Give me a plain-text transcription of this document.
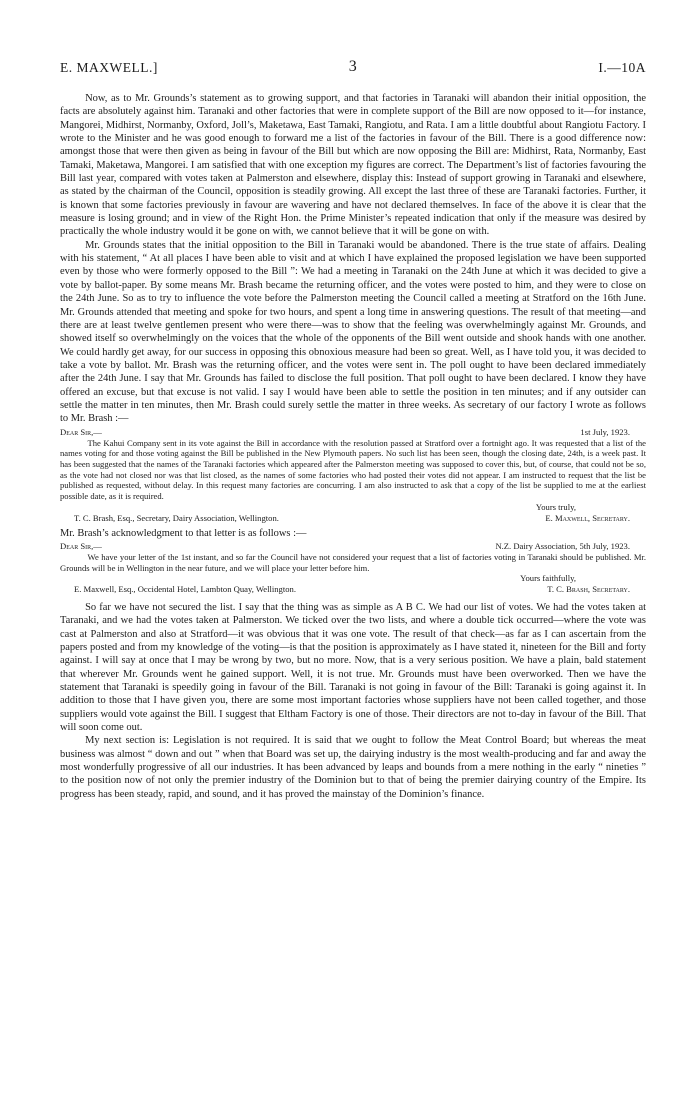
E. MAXWELL.]	3	I.—10A

Now, as to Mr. Grounds’s statement as to growing support, and that factories in Taranaki will abandon their initial opposition, the facts are absolutely against him. Taranaki and other factories that were in complete support of the Bill are now opposed to it—for instance, Mangorei, Midhirst, Normanby, Oxford, Joll’s, Maketawa, East Tamaki, Rangiotu, and Rata. I am a little doubtful about Rangiotu Factory. I wrote to the Minister and he was good enough to forward me a list of the factories in favour of the Bill. There is a good difference now: amongst those that were then given as being in favour of the Bill but which are now opposing the Bill are: Midhirst, Rata, Normanby, East Tamaki, Maketawa, Mangorei. I am satisfied that with one exception my figures are correct. The Department’s list of factories favouring the Bill last year, compared with votes taken at Palmerston and elsewhere, display this: Instead of support growing in Taranaki and elsewhere, as stated by the chairman of the Council, opposition is steadily growing. All except the last three of these are Taranaki factories. Further, it is known that some factories previously in favour are wavering and have not declared themselves. In face of the above it is clear that the measure is losing ground; and in view of the Right Hon. the Prime Minister’s repeated indication that only if the measure was desired by practically the whole industry would it be gone on with, we cannot believe that it will be gone on with.

Mr. Grounds states that the initial opposition to the Bill in Taranaki would be abandoned. There is the true state of affairs. Dealing with his statement, “ At all places I have been able to visit and at which I have explained the proposed legislation we have been supported even by those who were formerly opposed to the Bill ”: We had a meeting in Taranaki on the 24th June at which it was decided to give a vote by ballot-paper. By some means Mr. Brash became the returning officer, and the votes were posted to him, and they were to close on the 24th June. So as to try to influence the vote before the Palmerston meeting the Council called a meeting at Stratford on the 16th June. Mr. Grounds attended that meeting and spoke for two hours, and spent a long time in answering questions. The result of that meeting—and there are at least twelve gentlemen present who were there—was to show that the feeling was overwhelmingly against Mr. Grounds, and showed itself so overwhelmingly on the voices that the whole of the opponents of the Bill went outside and shook hands with one another. We could hardly get away, for our success in opposing this obnoxious measure had been so great. Well, as I have told you, it was decided to take a vote by ballot. Mr. Brash was the returning officer, and the votes were sent in. The poll ought to have been declared immediately after the 24th June. I say that Mr. Grounds has failed to disclose the full position. That poll ought to have been declared. I know they have offered an excuse, but that excuse is not valid. I say I would have been able to settle the position in ten minutes; and if any outsider can settle the matter in ten minutes, then Mr. Brash could surely settle the matter in three weeks. As secretary of our factory I wrote as follows to Mr. Brash :—

Dear Sir,—	1st July, 1923.

The Kahui Company sent in its vote against the Bill in accordance with the resolution passed at Stratford over a fortnight ago. It was requested that a list of the names voting for and those voting against the Bill be published in the New Plymouth papers. No such list has been seen, though the closing date, 24th, is a week past. It has been suggested that the names of the Taranaki factories which appeared after the Palmerston meeting was supposed to cover this, but, of course, that could not be so, as the vote had not closed nor was that list closed, as the names of some factories who had posted their votes did not appear. I am instructed to request that the list be published as requested, without delay. In this request many factories are concurring. I am also instructed to ask that a copy of the list be supplied to me at the earliest possible date, as it is required.

Yours truly,
T. C. Brash, Esq., Secretary, Dairy Association, Wellington.	E. Maxwell, Secretary.

Mr. Brash’s acknowledgment to that letter is as follows :—

Dear Sir,—	N.Z. Dairy Association, 5th July, 1923.

We have your letter of the 1st instant, and so far the Council have not considered your request that a list of factories voting in Taranaki should be published. Mr. Grounds will be in Wellington in the near future, and we will place your letter before him.

Yours faithfully,
E. Maxwell, Esq., Occidental Hotel, Lambton Quay, Wellington.	T. C. Brash, Secretary.

So far we have not secured the list. I say that the thing was as simple as A B C. We had our list of votes. We had the votes taken at Taranaki, and we had the votes taken at Palmerston. We ticked over the two lists, and where a double tick occurred—where the vote was cast at Palmerston and also at Stratford—it was obvious that it was one vote. The result of that check—as far as I can ascertain from the papers posted and from my knowledge of the voting—is that the position is approximately as I have stated it, nineteen for the Bill and forty against. I will say at once that I may be wrong by two, but no more. Now, that is a very serious position. We have a plain, bald statement that wherever Mr. Grounds went he gained support. Well, it is not true. Mr. Grounds must have been overworked. Then we have the statement that Taranaki is speedily going in favour of the Bill. Taranaki is not going in favour of the Bill: Taranaki is going against it. In addition to those that I have given you, there are some most important factories whose suppliers have not been called together, and those suppliers would vote against the Bill. I suggest that Eltham Factory is one of those. Their directors are not to-day in favour of the Bill. That will soon come out.

My next section is: Legislation is not required. It is said that we ought to follow the Meat Control Board; but whereas the meat business was almost “ down and out ” when that Board was set up, the dairying industry is the most wealth-producing and far and away the most wonderfully progressive of all our industries. It has been advanced by leaps and bounds from a mere nothing in the early “ nineties ” to the position now of not only the premier industry of the Dominion but to that of being the premier dairying country of the Empire. Its progress has been steady, rapid, and sound, and it has proved the mainstay of the Dominion’s finance.
